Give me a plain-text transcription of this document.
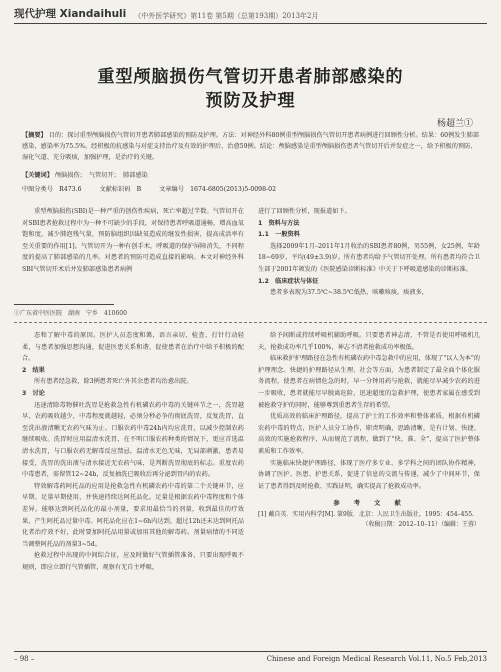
现代护理 Xiandaihuli 《中外医学研究》第11卷 第5期（总第193期）2013年2月
重型颅脑损伤气管切开患者肺部感染的
预防及护理
杨超兰①
【摘要】 目的：探讨重型颅脑损伤气管切开患者肺部感染的预防及护理。方法：对神经外科80例重型颅脑损伤气管切开患者病例进行回顾性分析。结果：60例发生肺部感染，感染率为75.5%。经积极的抗感染与对症支持治疗及有效的护理后，治愈59例。结论：颅脑感染是重型颅脑损伤患者气管切开后并发症之一，给予积极的预防、湿化气道、充分吸痰，加强护理，是治疗的关键。
【关键词】 颅脑损伤；　气管切开；　肺部感染
中图分类号　R473.6	文献标识码　B	文章编号　1674-6805(2013)5-0098-02
重型颅脑损伤(SBI)是一种严重的创伤性疾病，死亡率超过半数。气管切开在对SBI患者抢救过程中为一种不可缺少的手段，对保持患者呼吸道通畅，增高血氧饱和度，减少肺泡残气量，预防脑组织因缺氧造成的继发性损害，提高成活率有至关重要的作用[1]。气管切开为一种有创手术，呼吸道的保护屏障消失，不同程度的提高了肺部感染的几率。对患者的预防可造成直接的影响。本文对神经外科SBI气管切开术后并发肺部感染患者病例

进行了回顾性分析，现报道如下。

1　资料与方法

1.1　一般资料

选择2009年1月–2011年1月收治的SBI患者80例，男55例，女25例，年龄18~69岁，平均(49±3.9)岁。所有患者均给予气管切开处理。所有患者均符合卫生部于2001年颁发的《医院感染诊断标准》中关于下呼吸道感染的诊断标准。

1.2　临床症状与体征

患者多表现为37.5℃~38.5℃低热，咳嗽咳痰，痰液多，

①广东省中医医院　湖南　宁乡　410600

态和了解中毒的原因。医护人员态度和蔼，语言亲切，检查、打针行动轻柔，与患者加强思想沟通，促进医患关系和谐，促使患者在治疗中给予积极的配合。

2　结果

所有患者经急救，除3例患者死亡外其余患者均治愈出院。

3　讨论

迅速清除毒物催吐洗胃是抢救急性有机磷农药中毒的关键环节之一，洗胃越早，农药吸收越少，中毒程度就越轻，必须分秒必争的彻底洗胃，反复洗胃，直至洗出液清晰无农药气味为止。口服农药中毒24h内均应洗胃，以减少控制农药继续吸收。洗胃时应用温清水洗胃，在不明口服农药种类的情况下，更应首选温清水洗胃，与口服农药无解毒反应禁忌，温清水无色无味，无局部刺激，患者易接受，洗胃的洗出液与清水接近无农药气味，是判断洗胃彻底的标志。重度农药中毒患者，需留管12~24h，反复抽洗已吸收后再分泌到胃内的农药。

特效解毒药阿托品的应用是抢救急性有机磷农药中毒的第二个关键环节，应早期、足量早期使用，并快速持续达阿托品化。足量是根据农药中毒程度和个体差异。能够达到阿托品化的最小剂量，要求用最恰当的剂量，收到最佳的疗效果，产生阿托品过量中毒。阿托品化应在1~6h内达到，超过12h还未达到阿托品化者治疗效不好，此时要加阿托品用量或加用其他的解毒药。剂量病情的不同适当调整阿托品的剂量3~5d。

抢救过程中出现的中间综合征，应及时做好气管插管准备，只要出现呼吸不规则，即应立即行气管插管，观察有无自主呼吸，

给予间断或持续呼吸机辅助呼吸。只要患者神志清，不管是否使用呼吸机几天，抢救成功率几乎100%，神志不清者抢救成功率极低。

临床救护护理路径在急性有机磷农药中毒急救中的应用，体现了"以人为本"的护理理念。快捷的护理路径从生理、社会等方面，为患者制定了最全面个体化服务流程，使患者在病情危急的时，早一分钟用药与抢救，就能尽早减少农药的进一步吸收，患者就能尽早脱离危险，迅速超度的急救护理，使患者家属在感受到被抢救守护的同时，能够尊到重患者生存的希望。

优质高效的临床护理路径，提高了护士的工作效率和整体素质，根据有机磷农药中毒的特点，医护人员分工协作，职责明确，思路清晰，是有计划、快捷、高效的实施抢救程序，从而规范了流程，做到了"快、准、全"，提高了医护整体素质和工作效率。

实施临床快捷护理路径，体现了医疗多专业、多学科之间的团队协作精神，协调了医护、医患、护患关系，促进了信息的交流与传递，减少了中间环节，保证了患者得到及时抢救、实践证明，确实提高了抢救成功率。

参　考　文　献

[1] 戴自英．实用内科学[M]. 第9版．北京：人民卫生出版社，1995：454–455.

（收稿日期：2012–10–11）（编辑：王蓉）

– 98 –	Chinese and Foreign Medical Research Vol.11, No.5 Feb,2013
